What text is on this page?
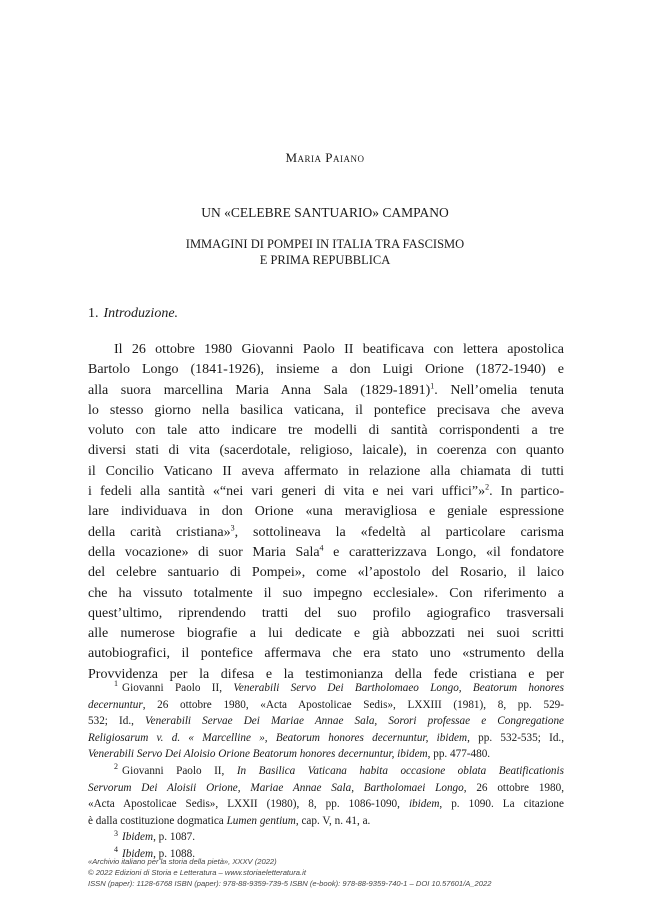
Maria Paiano
UN «CELEBRE SANTUARIO» CAMPANO
IMMAGINI DI POMPEI IN ITALIA TRA FASCISMO
E PRIMA REPUBBLICA
1. Introduzione.
Il 26 ottobre 1980 Giovanni Paolo II beatificava con lettera apostolica
Bartolo Longo (1841-1926), insieme a don Luigi Orione (1872-1940) e
alla suora marcellina Maria Anna Sala (1829-1891)$^1$. Nell’omelia tenuta
lo stesso giorno nella basilica vaticana, il pontefice precisava che aveva
voluto con tale atto indicare tre modelli di santità corrispondenti a tre
diversi stati di vita (sacerdotale, religioso, laicale), in coerenza con quanto
il Concilio Vaticano II aveva affermato in relazione alla chiamata di tutti
i fedeli alla santità «“nei vari generi di vita e nei vari uffici”»$^2$. In partico-
lare individuava in don Orione «una meravigliosa e geniale espressione
della carità cristiana»$^3$, sottolineava la «fedeltà al particolare carisma
della vocazione» di suor Maria Sala$^4$ e caratterizzava Longo, «il fondatore
del celebre santuario di Pompei», come «l’apostolo del Rosario, il laico
che ha vissuto totalmente il suo impegno ecclesiale». Con riferimento a
quest’ultimo, riprendendo tratti del suo profilo agiografico trasversali
alle numerose biografie a lui dedicate e già abbozzati nei suoi scritti
autobiografici, il pontefice affermava che era stato uno «strumento della
Provvidenza per la difesa e la testimonianza della fede cristiana e per
$^1$ Giovanni Paolo II, Venerabili Servo Dei Bartholomaeo Longo, Beatorum honores
decernuntur, 26 ottobre 1980, «Acta Apostolicae Sedis», LXXIII (1981), 8, pp. 529-
532; Id., Venerabili Servae Dei Mariae Annae Sala, Sorori professae e Congregatione
Religiosarum v. d. « Marcelline », Beatorum honores decernuntur, ibidem, pp. 532-535; Id.,
Venerabili Servo Dei Aloisio Orione Beatorum honores decernuntur, ibidem, pp. 477-480.
$^2$ Giovanni Paolo II, In Basilica Vaticana habita occasione oblata Beatificationis
Servorum Dei Aloisii Orione, Mariae Annae Sala, Bartholomaei Longo, 26 ottobre 1980,
«Acta Apostolicae Sedis», LXXII (1980), 8, pp. 1086-1090, ibidem, p. 1090. La citazione
è dalla costituzione dogmatica Lumen gentium, cap. V, n. 41, a.
$^3$ Ibidem, p. 1087.
$^4$ Ibidem, p. 1088.
«Archivio italiano per la storia della pietà», XXXV (2022)
© 2022 Edizioni di Storia e Letteratura – www.storiaeletteratura.it
ISSN (paper): 1128-6768 ISBN (paper): 978-88-9359-739-5 ISBN (e-book): 978-88-9359-740-1 – DOI 10.57601/A_2022
